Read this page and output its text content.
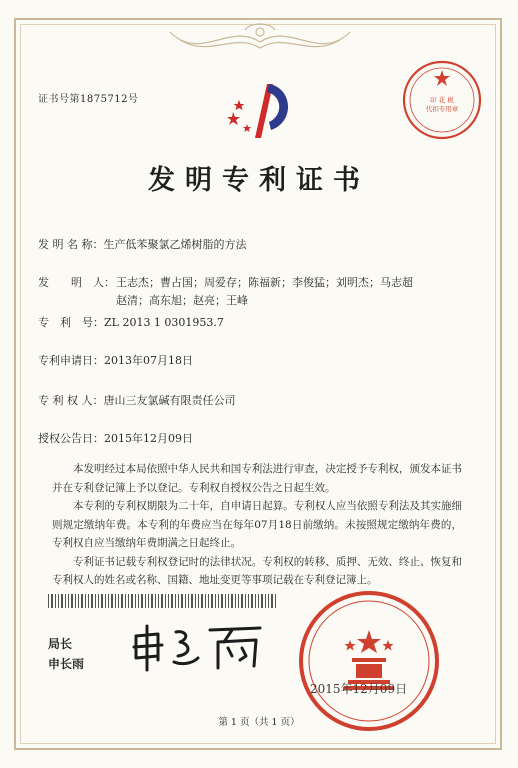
证书号第1875712号	印 花 税
代扣专用章
发明专利证书
发 明 名 称：生产低苯聚氯乙烯树脂的方法
发　　明　人： 王志杰；曹占国；周爱存；陈福新；李俊猛；刘明杰；马志超
赵清；高东旭；赵亮；王峰
专　利　号：ZL 2013 1 0301953.7
专利申请日：2013年07月18日
专 利 权 人：唐山三友氯碱有限责任公司
授权公告日：2015年12月09日

本发明经过本局依照中华人民共和国专利法进行审查，决定授予专利权，颁发本证书并在专利登记簿上予以登记。专利权自授权公告之日起生效。

本专利的专利权期限为二十年，自申请日起算。专利权人应当依照专利法及其实施细则规定缴纳年费。本专利的年费应当在每年07月18日前缴纳。未按照规定缴纳年费的，专利权自应当缴纳年费期满之日起终止。

专利证书记载专利权登记时的法律状况。专利权的转移、质押、无效、终止、恢复和专利权人的姓名或名称、国籍、地址变更等事项记载在专利登记簿上。

局长
申长雨
2015年12月09日
第 1 页（共 1 页）
